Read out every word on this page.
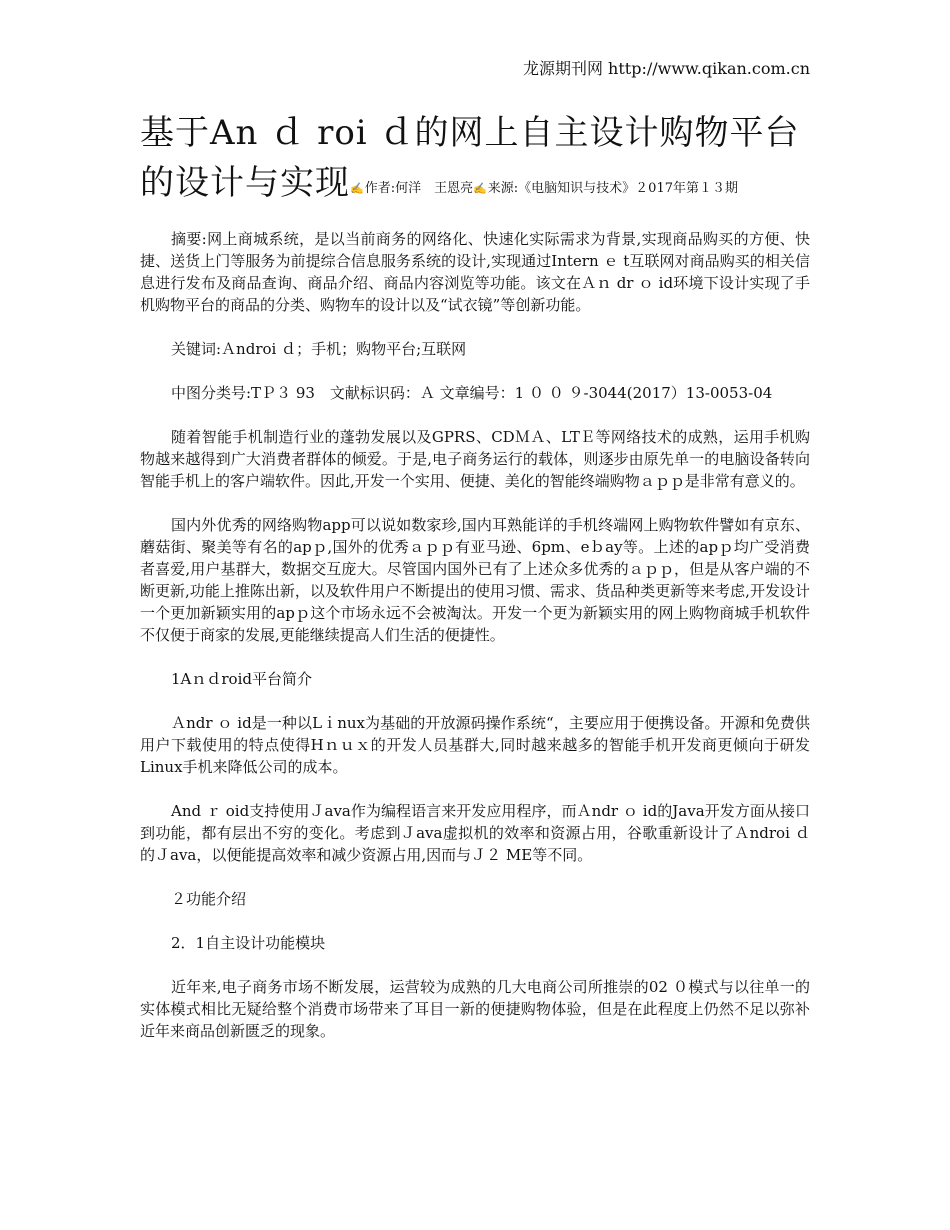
龙源期刊网 http://www.qikan.com.cn
基于An ｄ roi ｄ的网上自主设计购物平台
的设计与实现✍作者:何洋　王恩亮✍来源:《电脑知识与技术》２017年第１３期

摘要:网上商城系统，是以当前商务的网络化、快速化实际需求为背景,实现商品购买的方便、快捷、送货上门等服务为前提综合信息服务系统的设计,实现通过Intern ｅ t互联网对商品购买的相关信息进行发布及商品查询、商品介绍、商品内容浏览等功能。该文在Ａｎ dr ｏ id环境下设计实现了手机购物平台的商品的分类、购物车的设计以及“试衣镜”等创新功能。

关键词:Ａndroi ｄ；手机；购物平台;互联网

中图分类号:TＰ３ 93　文献标识码：Ａ 文章编号：1 ０ ０ ９-3044(2017）13-0053-04

随着智能手机制造行业的蓬勃发展以及GPRS、CDＭＡ、LTＥ等网络技术的成熟，运用手机购物越来越得到广大消费者群体的倾爱。于是,电子商务运行的载体，则逐步由原先单一的电脑设备转向智能手机上的客户端软件。因此,开发一个实用、便捷、美化的智能终端购物ａｐｐ是非常有意义的。

国内外优秀的网络购物app可以说如数家珍,国内耳熟能详的手机终端网上购物软件譬如有京东、蘑菇街、聚美等有名的apｐ,国外的优秀ａｐｐ有亚马逊、6pm、eｂay等。上述的apｐ均广受消费者喜爱,用户基群大，数据交互庞大。尽管国内国外已有了上述众多优秀的ａｐｐ，但是从客户端的不断更新,功能上推陈出新，以及软件用户不断提出的使用习惯、需求、货品种类更新等来考虑,开发设计一个更加新颖实用的apｐ这个市场永远不会被淘汰。开发一个更为新颖实用的网上购物商城手机软件不仅便于商家的发展,更能继续提高人们生活的便捷性。

1Aｎｄroid平台简介

Ａndr ｏ id是一种以Lｉnux为基础的开放源码操作系统“，主要应用于便携设备。开源和免费供用户下载使用的特点使得Hｎｕｘ的开发人员基群大,同时越来越多的智能手机开发商更倾向于研发Linux手机来降低公司的成本。

And ｒ oid支持使用Ｊava作为编程语言来开发应用程序，而Ａndr ｏ id的Java开发方面从接口到功能，都有层出不穷的变化。考虑到Ｊava虚拟机的效率和资源占用，谷歌重新设计了Ａndroi ｄ的Ｊava，以便能提高效率和减少资源占用,因而与Ｊ２ ME等不同。

２功能介绍

2．1自主设计功能模块

近年来,电子商务市场不断发展，运营较为成熟的几大电商公司所推崇的02 ０模式与以往单一的实体模式相比无疑给整个消费市场带来了耳目一新的便捷购物体验，但是在此程度上仍然不足以弥补近年来商品创新匮乏的现象。
